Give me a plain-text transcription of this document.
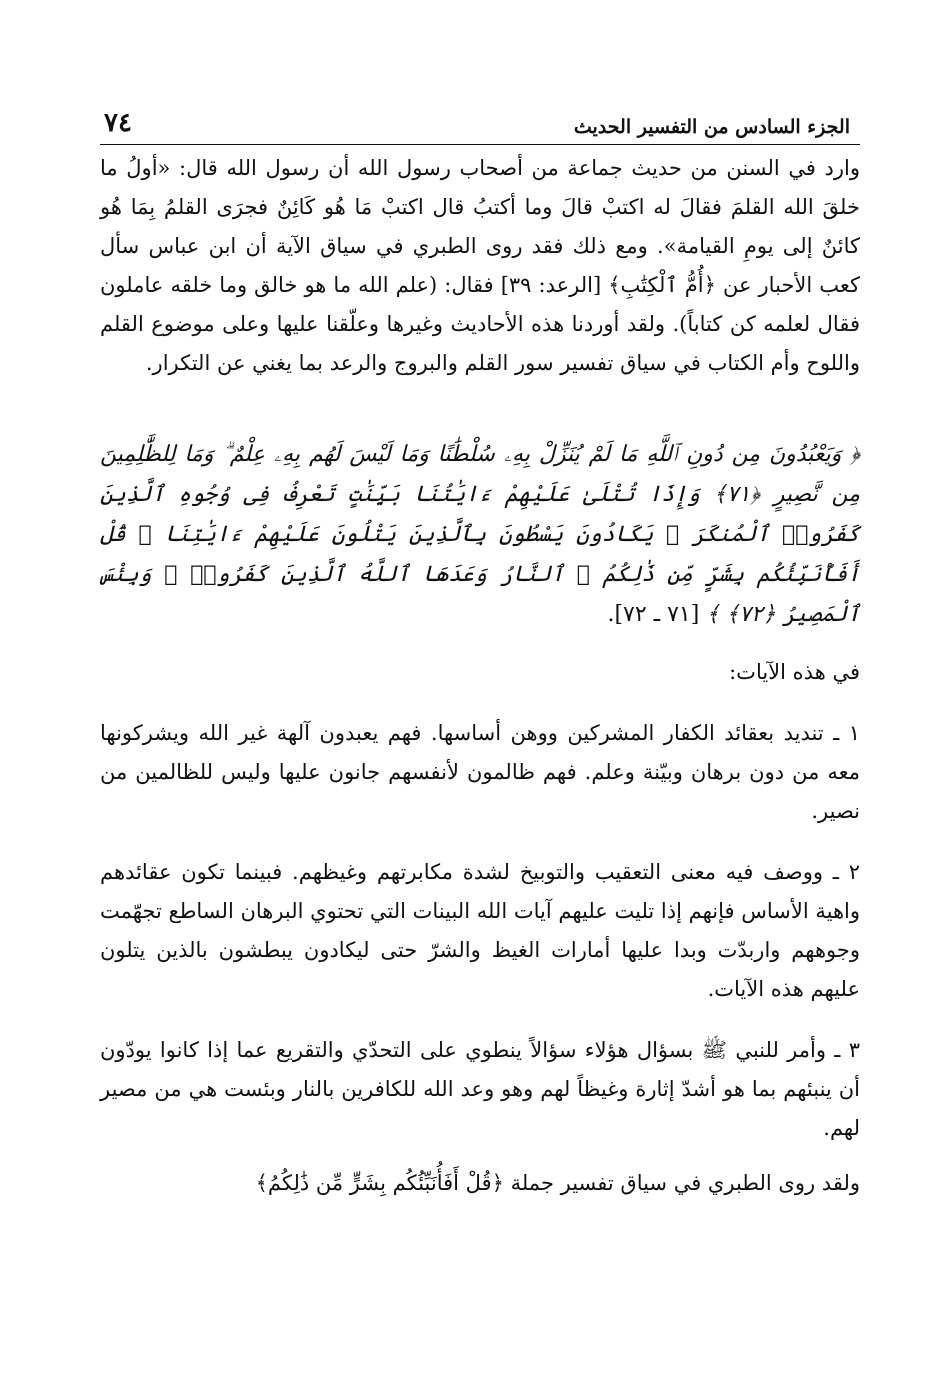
٧٤	الجزء السادس من التفسير الحديث

وارد في السنن من حديث جماعة من أصحاب رسول الله أن رسول الله قال: «أولُ ما خلقَ الله القلمَ فقالَ له اكتبْ قالَ وما أكتبُ قال اكتبْ مَا هُو كَائِنٌ فجرَى القلمُ بِمَا هُو كائنٌ إلى يومِ القيامة». ومع ذلك فقد روى الطبري في سياق الآية أن ابن عباس سأل كعب الأحبار عن ﴿أُمُّ ٱلْكِتَٰبِ﴾ [الرعد: ٣٩] فقال: (علم الله ما هو خالق وما خلقه عاملون فقال لعلمه كن كتاباً). ولقد أوردنا هذه الأحاديث وغيرها وعلّقنا عليها وعلى موضوع القلم واللوح وأم الكتاب في سياق تفسير سور القلم والبروج والرعد بما يغني عن التكرار.

﴿ وَيَعْبُدُونَ مِن دُونِ ٱللَّهِ مَا لَمْ يُنَزِّلْ بِهِۦ سُلْطَٰنًا وَمَا لَيْسَ لَهُم بِهِۦ عِلْمٌ ۗ وَمَا لِلظَّٰلِمِينَ مِن نَّصِيرٍ ﴿٧١﴾ وَإِذَا تُتْلَىٰ عَلَيْهِمْ ءَايَٰتُنَا بَيِّنَٰتٍ تَعْرِفُ فِى وُجُوهِ ٱلَّذِينَ كَفَرُوا۟ ٱلْمُنكَرَ ۖ يَكَادُونَ يَسْطُونَ بِٱلَّذِينَ يَتْلُونَ عَلَيْهِمْ ءَايَٰتِنَا ۗ قُلْ أَفَأُنَبِّئُكُم بِشَرٍّ مِّن ذَٰلِكُمُ ۗ ٱلنَّارُ وَعَدَهَا ٱللَّهُ ٱلَّذِينَ كَفَرُوا۟ ۖ وَبِئْسَ ٱلْمَصِيرُ ﴿٧٢﴾ ﴾ [٧١ ـ ٧٢].

في هذه الآيات:

١ ـ تنديد بعقائد الكفار المشركين ووهن أساسها. فهم يعبدون آلهة غير الله ويشركونها معه من دون برهان وبيّنة وعلم. فهم ظالمون لأنفسهم جانون عليها وليس للظالمين من نصير.

٢ ـ ووصف فيه معنى التعقيب والتوبيخ لشدة مكابرتهم وغيظهم. فبينما تكون عقائدهم واهية الأساس فإنهم إذا تليت عليهم آيات الله البينات التي تحتوي البرهان الساطع تجهّمت وجوههم واربدّت وبدا عليها أمارات الغيظ والشرّ حتى ليكادون يبطشون بالذين يتلون عليهم هذه الآيات.

٣ ـ وأمر للنبي ﷺ بسؤال هؤلاء سؤالاً ينطوي على التحدّي والتقريع عما إذا كانوا يودّون أن ينبئهم بما هو أشدّ إثارة وغيظاً لهم وهو وعد الله للكافرين بالنار وبئست هي من مصير لهم.

ولقد روى الطبري في سياق تفسير جملة ﴿قُلْ أَفَأُنَبِّئُكُم بِشَرٍّ مِّن ذَٰلِكُمُ﴾
